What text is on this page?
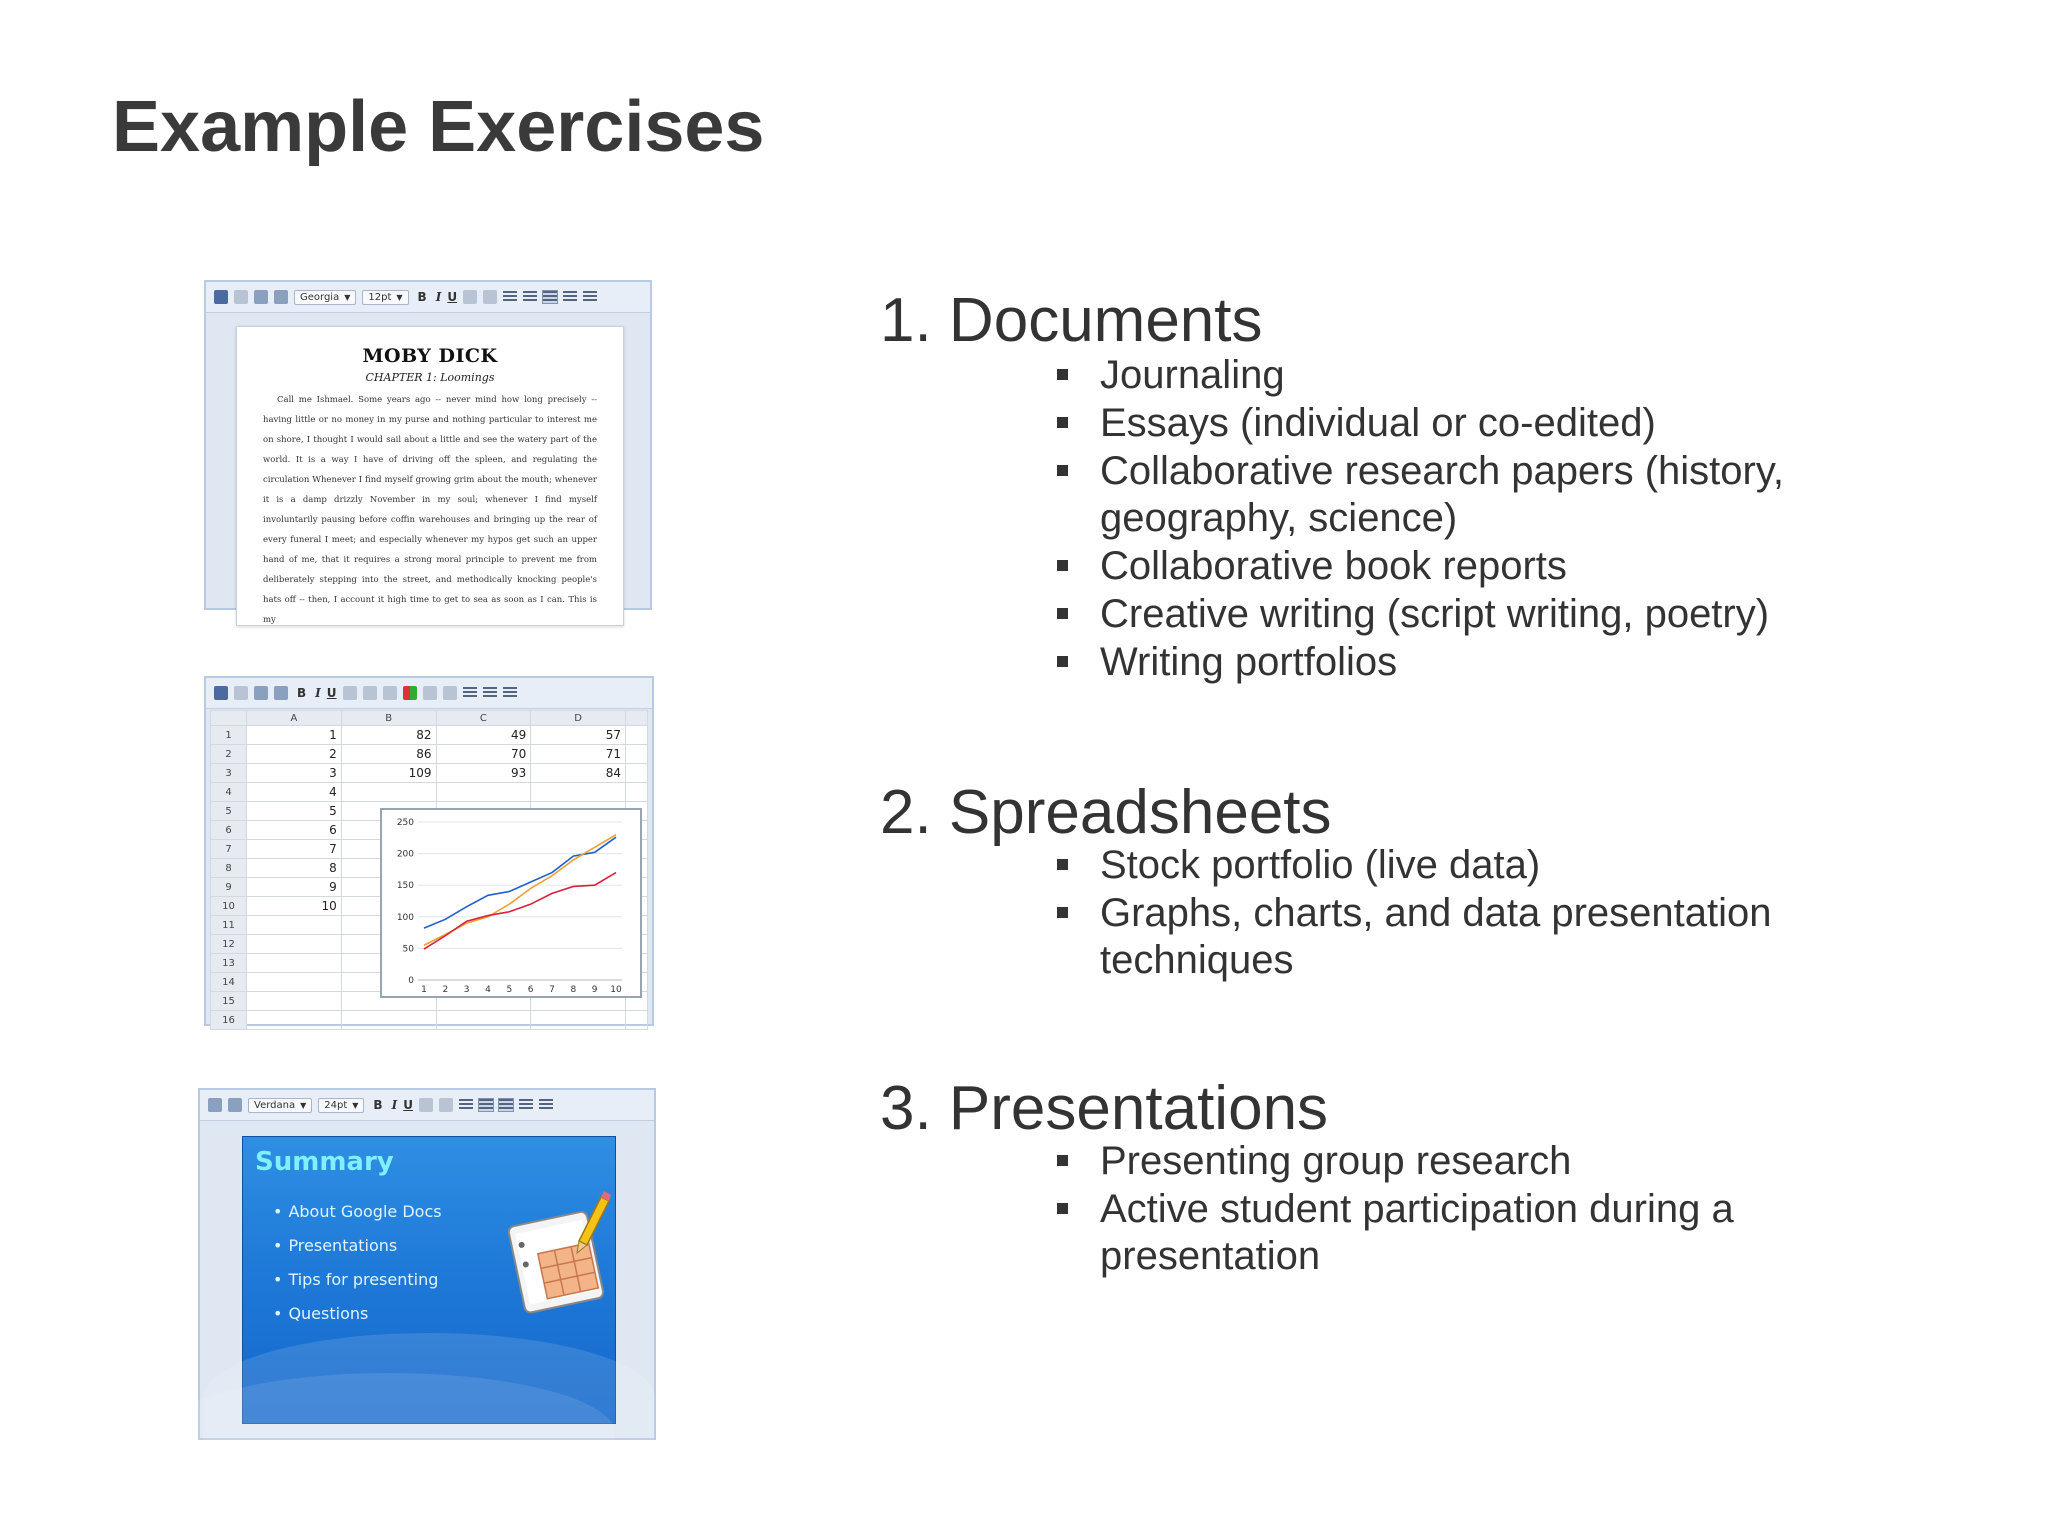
Example Exercises
Georgia ▼ 12pt ▼ B I U

MOBY DICK

CHAPTER 1: Loomings

Call me Ishmael. Some years ago -- never mind how long precisely -- having little or no money in my purse and nothing particular to interest me on shore, I thought I would sail about a little and see the watery part of the world. It is a way I have of driving off the spleen, and regulating the circulation Whenever I find myself growing grim about the mouth; whenever it is a damp drizzly November in my soul; whenever I find myself involuntarily pausing before coffin warehouses and bringing up the rear of every funeral I meet; and especially whenever my hypos get such an upper hand of me, that it requires a strong moral principle to prevent me from deliberately stepping into the street, and methodically knocking people's hats off -- then, I account it high time to get to sea as soon as I can. This is my

B I U
	A	B	C	D	
1	1	82	49	57	
2	2	86	70	71	
3	3	109	93	84	
4	4				
5	5				
6	6				
7	7				
8	8				
9	9				
10	10				
11					
12					
13					
14					
15					
16					
0
50
100
150
200
250
1 2 3 4 5 6 7 8 9 10
Verdana ▼ 24pt ▼ B I U

Summary

• About Google Docs
• Presentations
• Tips for presenting
• Questions
1. Documents
Journaling
Essays (individual or co-edited)
Collaborative research papers (history, geography, science)
Collaborative book reports
Creative writing (script writing, poetry)
Writing portfolios
2. Spreadsheets
Stock portfolio (live data)
Graphs, charts, and data presentation techniques
3. Presentations
Presenting group research
Active student participation during a presentation
